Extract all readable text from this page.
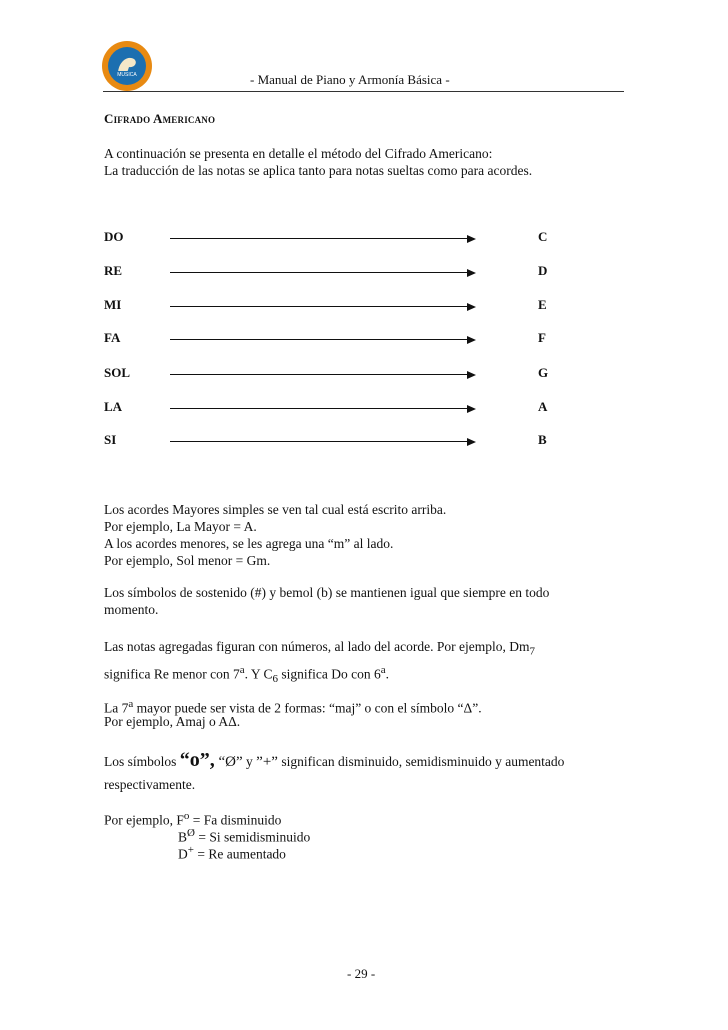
MUSICA	- Manual de Piano y Armonía Básica -
Cifrado Americano
A continuación se presenta en detalle el método del Cifrado Americano:
La traducción de las notas se aplica tanto para notas sueltas como para acordes.
DO	C
RE	D
MI	E
FA	F
SOL	G
LA	A
SI	B
Los acordes Mayores simples se ven tal cual está escrito arriba.
Por ejemplo, La Mayor = A.
A los acordes menores, se les agrega una “m” al lado.
Por ejemplo, Sol menor = Gm.
Los símbolos de sostenido (#) y bemol (b) se mantienen igual que siempre en todo
momento.
Las notas agregadas figuran con números, al lado del acorde. Por ejemplo, $Dm_7$
significa Re menor con 7$^a$. Y $C_6$ significa Do con 6$^a$.
La 7$^a$ mayor puede ser vista de 2 formas: “maj” o con el símbolo “Δ”.
Por ejemplo, Amaj o AΔ.
Los símbolos “o”, “Ø” y ”+” significan disminuido, semidisminuido y aumentado
respectivamente.
Por ejemplo, $F^o = Fa$ disminuido
$B^Ø = Si$ semidisminuido
D+ = Re aumentado
- 29 -
